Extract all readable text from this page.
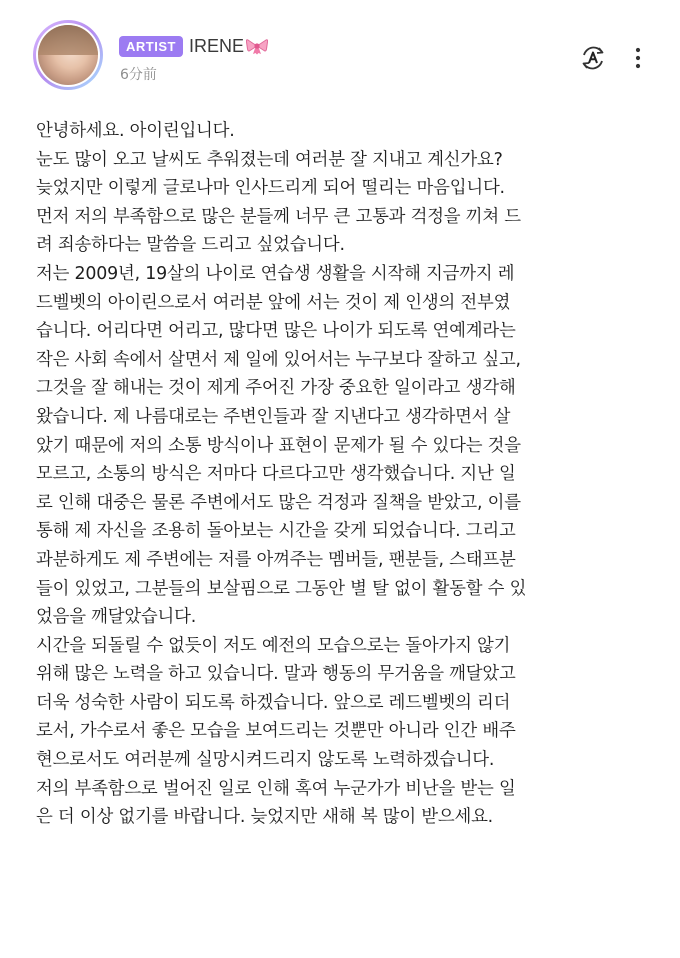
ARTIST IRENE
6分前
안녕하세요. 아이린입니다.
눈도 많이 오고 날씨도 추워졌는데 여러분 잘 지내고 계신가요?
늦었지만 이렇게 글로나마 인사드리게 되어 떨리는 마음입니다.
먼저 저의 부족함으로 많은 분들께 너무 큰 고통과 걱정을 끼쳐 드
려 죄송하다는 말씀을 드리고 싶었습니다.
저는 2009년, 19살의 나이로 연습생 생활을 시작해 지금까지 레
드벨벳의 아이린으로서 여러분 앞에 서는 것이 제 인생의 전부였
습니다. 어리다면 어리고, 많다면 많은 나이가 되도록 연예계라는
작은 사회 속에서 살면서 제 일에 있어서는 누구보다 잘하고 싶고,
그것을 잘 해내는 것이 제게 주어진 가장 중요한 일이라고 생각해
왔습니다. 제 나름대로는 주변인들과 잘 지낸다고 생각하면서 살
았기 때문에 저의 소통 방식이나 표현이 문제가 될 수 있다는 것을
모르고, 소통의 방식은 저마다 다르다고만 생각했습니다. 지난 일
로 인해 대중은 물론 주변에서도 많은 걱정과 질책을 받았고, 이를
통해 제 자신을 조용히 돌아보는 시간을 갖게 되었습니다. 그리고
과분하게도 제 주변에는 저를 아껴주는 멤버들, 팬분들, 스태프분
들이 있었고, 그분들의 보살핌으로 그동안 별 탈 없이 활동할 수 있
었음을 깨달았습니다.
시간을 되돌릴 수 없듯이 저도 예전의 모습으로는 돌아가지 않기
위해 많은 노력을 하고 있습니다. 말과 행동의 무거움을 깨달았고
더욱 성숙한 사람이 되도록 하겠습니다. 앞으로 레드벨벳의 리더
로서, 가수로서 좋은 모습을 보여드리는 것뿐만 아니라 인간 배주
현으로서도 여러분께 실망시켜드리지 않도록 노력하겠습니다.
저의 부족함으로 벌어진 일로 인해 혹여 누군가가 비난을 받는 일
은 더 이상 없기를 바랍니다. 늦었지만 새해 복 많이 받으세요.
